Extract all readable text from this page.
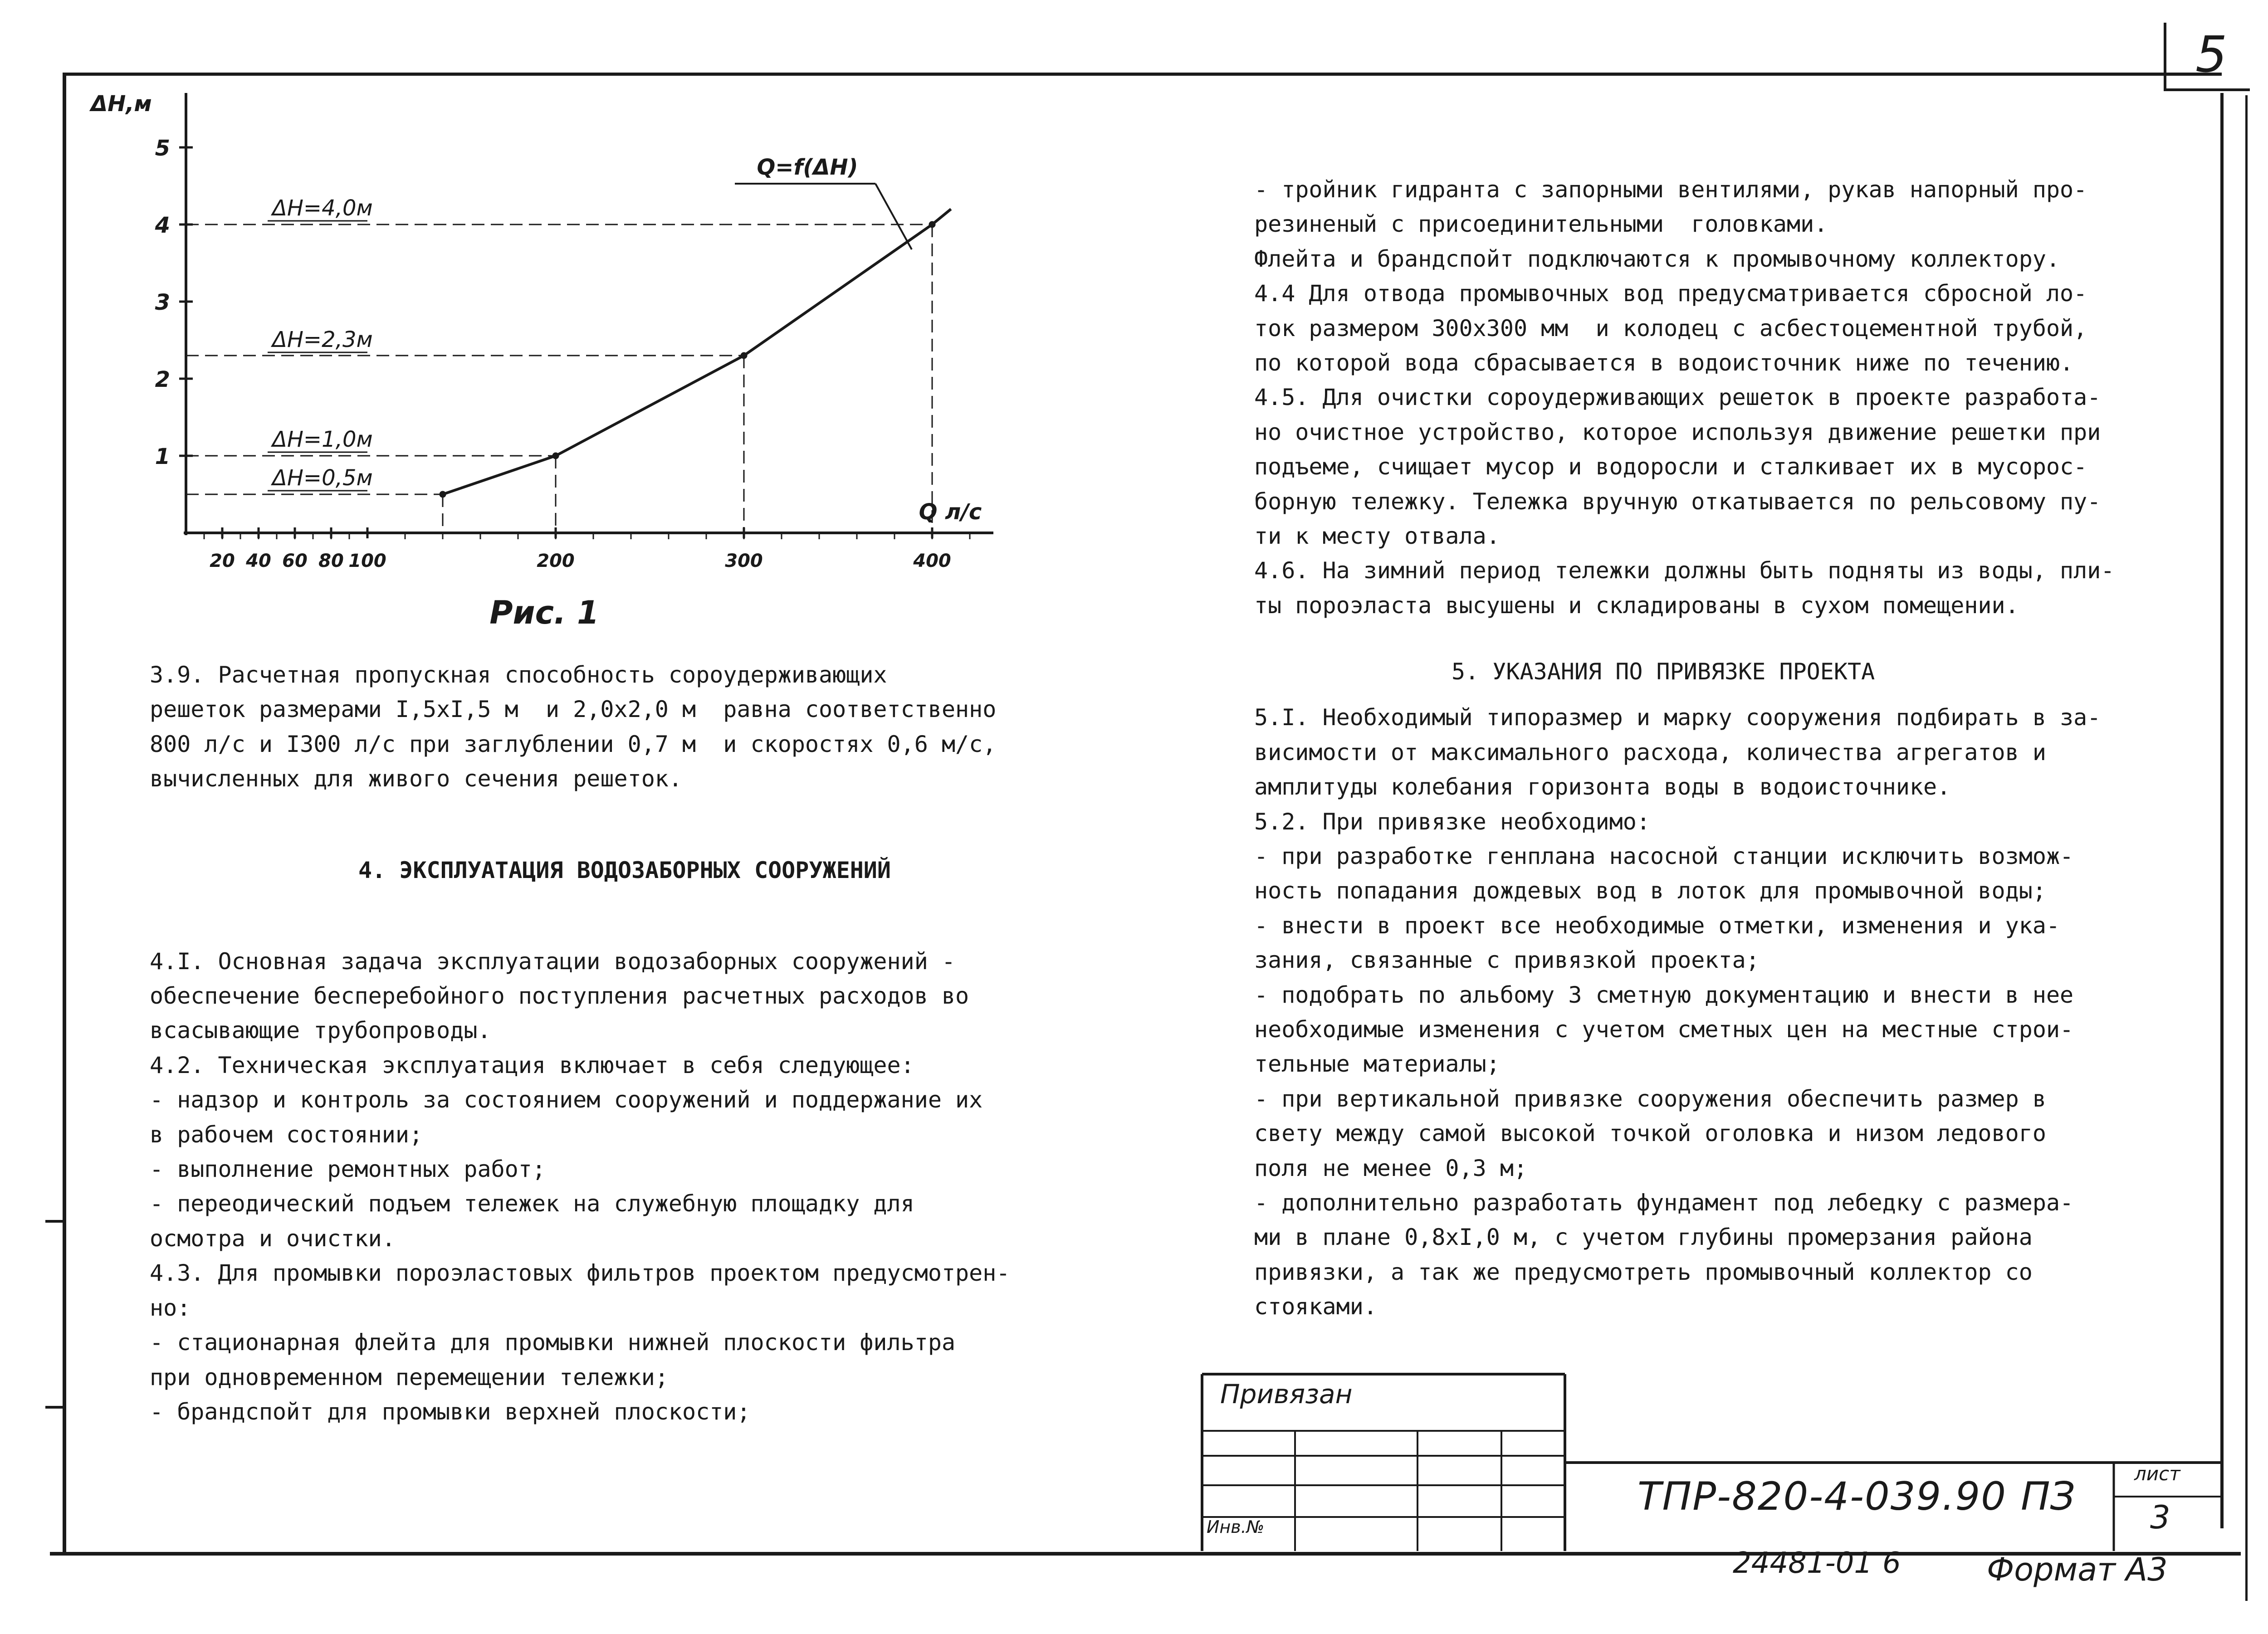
5
1
2
3
4
5
ΔH,м
20 40 60 80 100	200	300	400
Q л/с
ΔH=4,0м
ΔH=2,3м
ΔH=1,0м
ΔH=0,5м
Q=f(ΔH)
Рис. 1
3.9. Расчетная пропускная способность сороудерживающих
решеток размерами I,5xI,5 м  и 2,0x2,0 м  равна соответственно
800 л/с и I300 л/с при заглублении 0,7 м  и скоростях 0,6 м/с,
вычисленных для живого сечения решеток.
4. ЭКСПЛУАТАЦИЯ ВОДОЗАБОРНЫХ СООРУЖЕНИЙ
4.I. Основная задача эксплуатации водозаборных сооружений -
обеспечение бесперебойного поступления расчетных расходов во
всасывающие трубопроводы.
4.2. Техническая эксплуатация включает в себя следующее:
- надзор и контроль за состоянием сооружений и поддержание их
в рабочем состоянии;
- выполнение ремонтных работ;
- переодический подъем тележек на служебную площадку для
осмотра и очистки.
4.3. Для промывки пороэластовых фильтров проектом предусмотрен-
но:
- стационарная флейта для промывки нижней плоскости фильтра
при одновременном перемещении тележки;
- брандспойт для промывки верхней плоскости;
- тройник гидранта с запорными вентилями, рукав напорный про-
резиненый с присоединительными  головками.
Флейта и брандспойт подключаются к промывочному коллектору.
4.4 Для отвода промывочных вод предусматривается сбросной ло-
ток размером 300x300 мм  и колодец с асбестоцементной трубой,
по которой вода сбрасывается в водоисточник ниже по течению.
4.5. Для очистки сороудерживающих решеток в проекте разработа-
но очистное устройство, которое используя движение решетки при
подъеме, счищает мусор и водоросли и сталкивает их в мусорос-
борную тележку. Тележка вручную откатывается по рельсовому пу-
ти к месту отвала.
4.6. На зимний период тележки должны быть подняты из воды, пли-
ты пороэласта высушены и складированы в сухом помещении.
5. УКАЗАНИЯ ПО ПРИВЯЗКЕ ПРОЕКТА
5.I. Необходимый типоразмер и марку сооружения подбирать в за-
висимости от максимального расхода, количества агрегатов и
амплитуды колебания горизонта воды в водоисточнике.
5.2. При привязке необходимо:
- при разработке генплана насосной станции исключить возмож-
ность попадания дождевых вод в лоток для промывочной воды;
- внести в проект все необходимые отметки, изменения и ука-
зания, связанные с привязкой проекта;
- подобрать по альбому 3 сметную документацию и внести в нее
необходимые изменения с учетом сметных цен на местные строи-
тельные материалы;
- при вертикальной привязке сооружения обеспечить размер в
свету между самой высокой точкой оголовка и низом ледового
поля не менее 0,3 м;
- дополнительно разработать фундамент под лебедку с размера-
ми в плане 0,8xI,0 м, с учетом глубины промерзания района
привязки, а так же предусмотреть промывочный коллектор со
стояками.
Привязан
Инв.№
ТПР-820-4-039.90 ПЗ
лист
3
24481-01 6	Формат А3
